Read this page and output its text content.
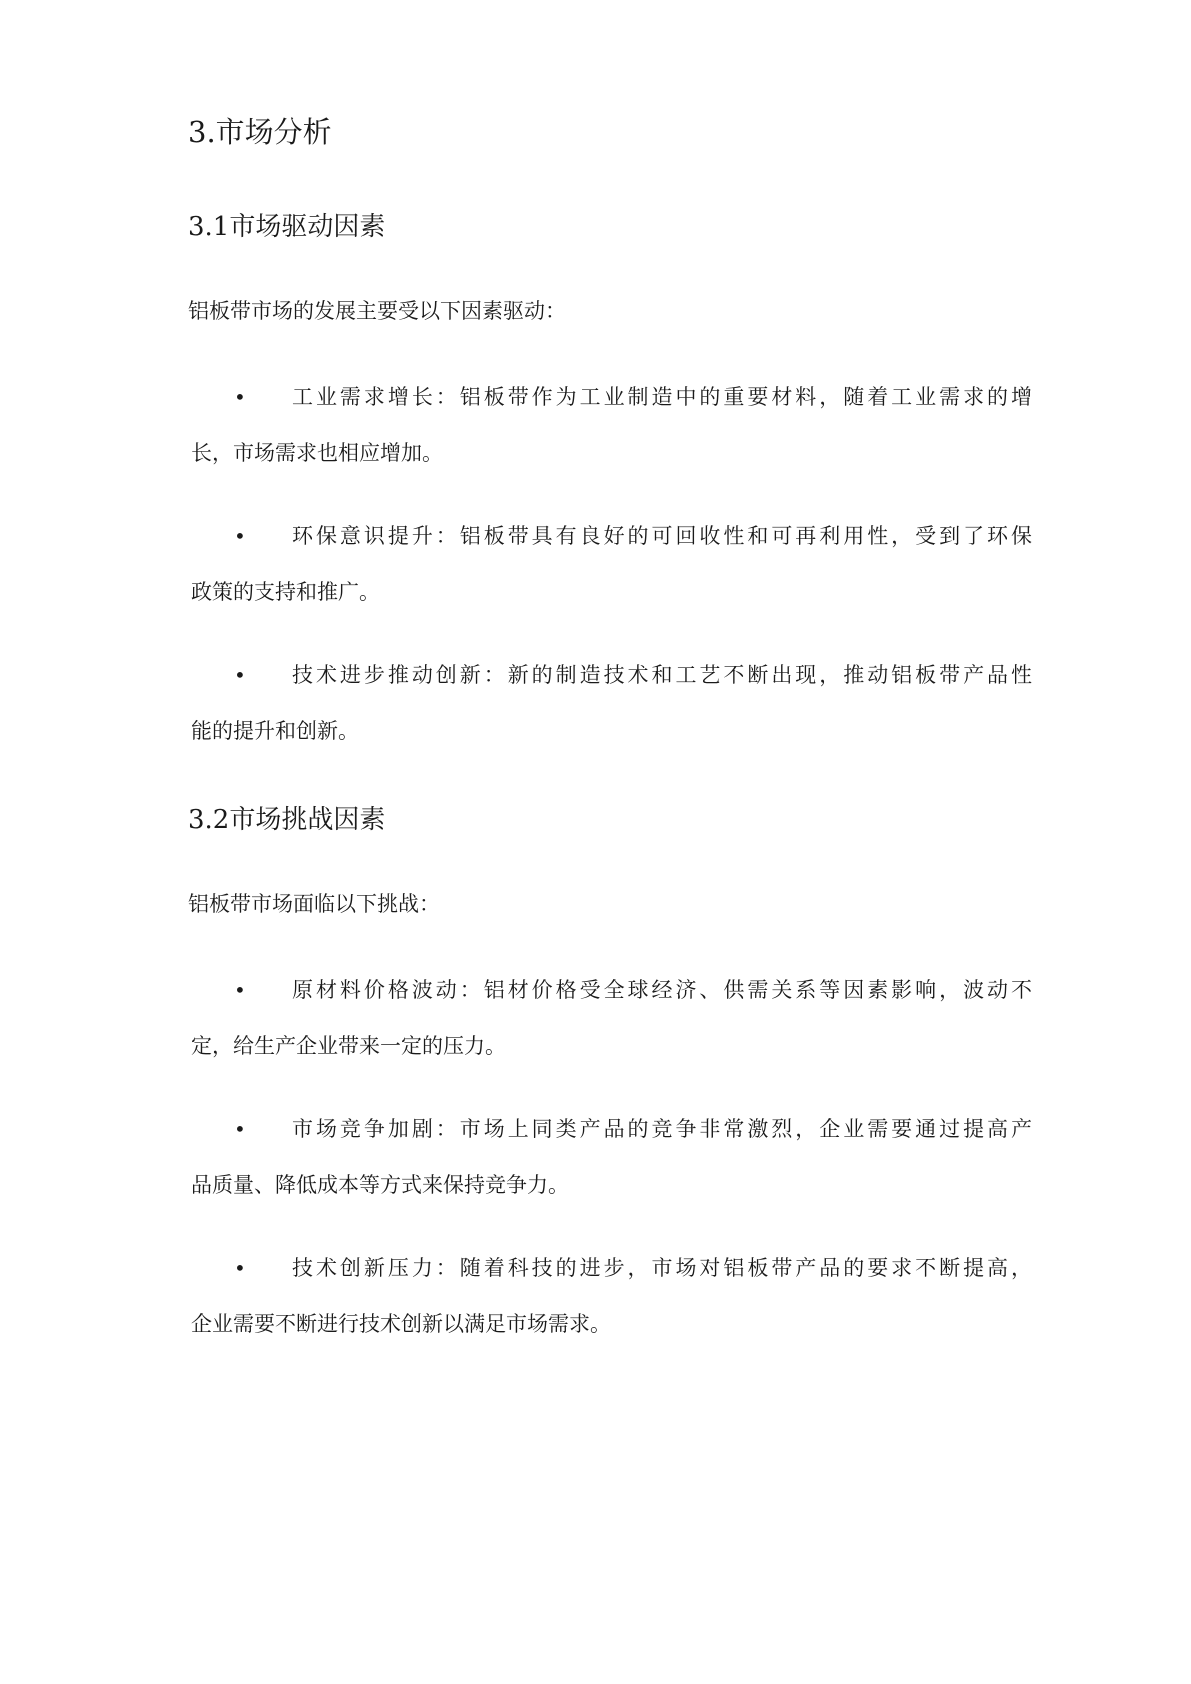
3.市场分析
3.1市场驱动因素
铝板带市场的发展主要受以下因素驱动：
• 工业需求增长：铝板带作为工业制造中的重要材料，随着工业需求的增
长，市场需求也相应增加。
• 环保意识提升：铝板带具有良好的可回收性和可再利用性，受到了环保
政策的支持和推广。
• 技术进步推动创新：新的制造技术和工艺不断出现，推动铝板带产品性
能的提升和创新。
3.2市场挑战因素
铝板带市场面临以下挑战：
• 原材料价格波动：铝材价格受全球经济、供需关系等因素影响，波动不
定，给生产企业带来一定的压力。
• 市场竞争加剧：市场上同类产品的竞争非常激烈，企业需要通过提高产
品质量、降低成本等方式来保持竞争力。
• 技术创新压力：随着科技的进步，市场对铝板带产品的要求不断提高，
企业需要不断进行技术创新以满足市场需求。
